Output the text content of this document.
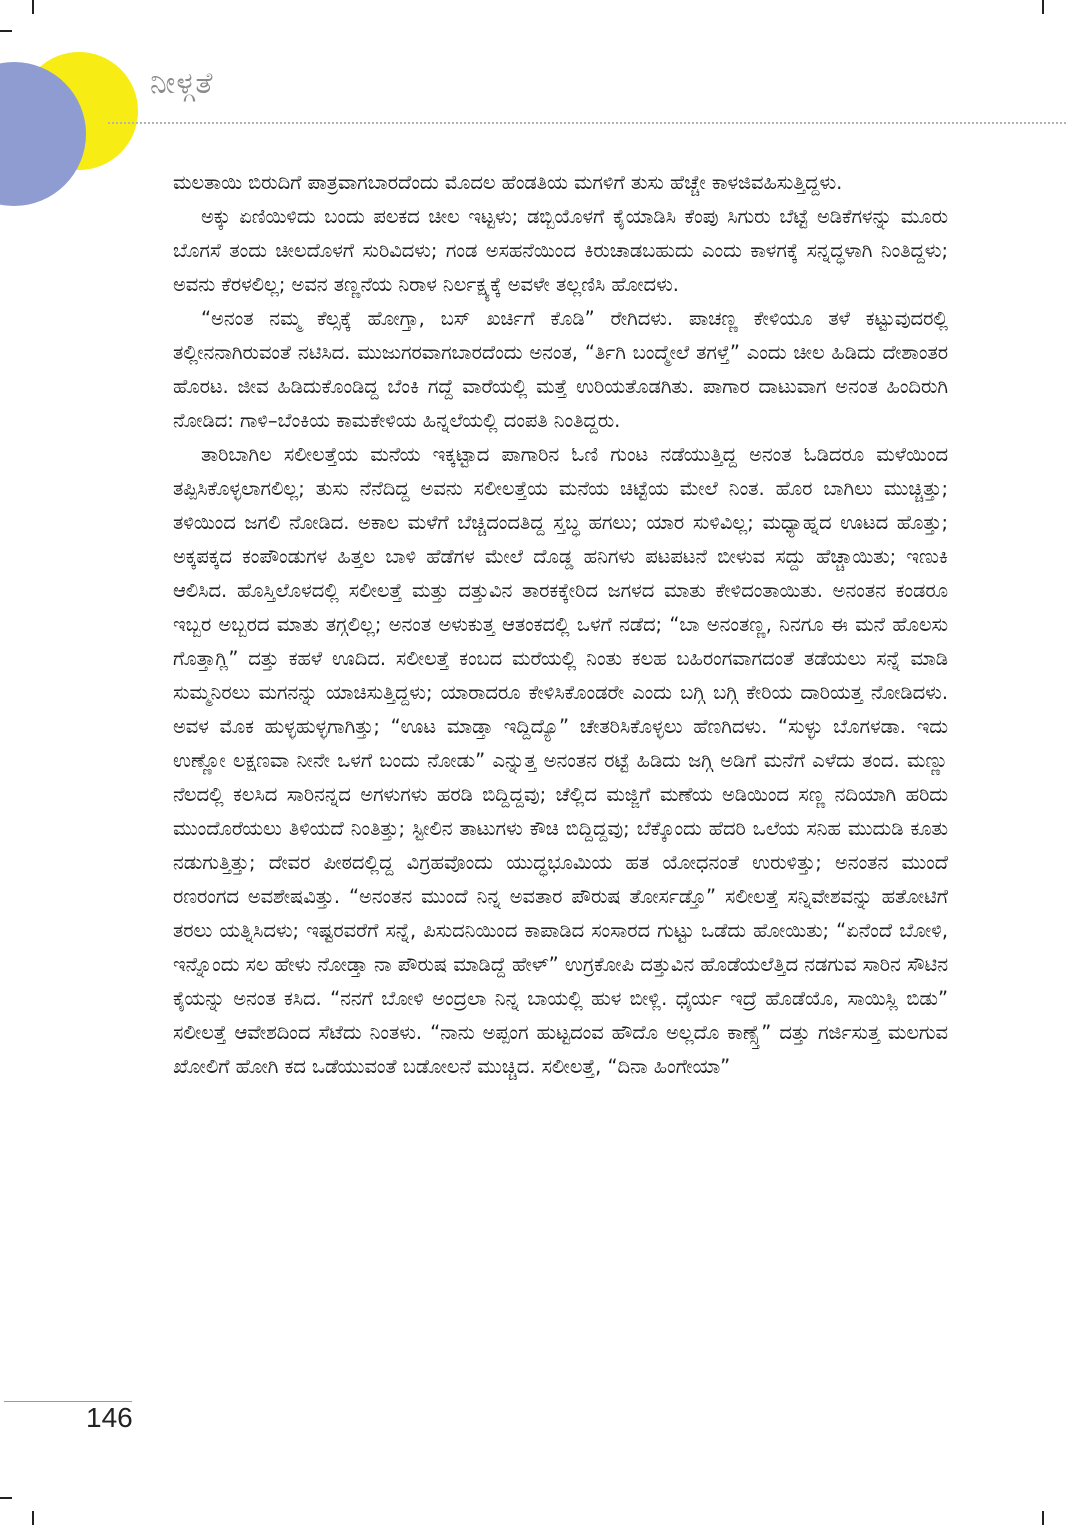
ನೀಳ್ಗತೆ

ಮಲತಾಯಿ ಬಿರುದಿಗೆ ಪಾತ್ರವಾಗಬಾರದೆಂದು ಮೊದಲ ಹೆಂಡತಿಯ ಮಗಳಿಗೆ ತುಸು ಹೆಚ್ಚೇ ಕಾಳಜಿವಹಿಸುತ್ತಿದ್ದಳು.

ಅಕ್ಕು ಏಣಿಯಿಳಿದು ಬಂದು ಪಲಕದ ಚೀಲ ಇಟ್ಟಳು; ಡಬ್ಬಿಯೊಳಗೆ ಕೈಯಾಡಿಸಿ ಕೆಂಪು ಸಿಗುರು ಬೆಟ್ಟೆ ಅಡಿಕೆಗಳನ್ನು ಮೂರು ಬೊಗಸೆ ತಂದು ಚೀಲದೊಳಗೆ ಸುರಿವಿದಳು; ಗಂಡ ಅಸಹನೆಯಿಂದ ಕಿರುಚಾಡಬಹುದು ಎಂದು ಕಾಳಗಕ್ಕೆ ಸನ್ನದ್ಧಳಾಗಿ ನಿಂತಿದ್ದಳು; ಅವನು ಕೆರಳಲಿಲ್ಲ; ಅವನ ತಣ್ಣನೆಯ ನಿರಾಳ ನಿರ್ಲಕ್ಷ್ಯಕ್ಕೆ ಅವಳೇ ತಲ್ಲಣಿಸಿ ಹೋದಳು.

“ಅನಂತ ನಮ್ಮ ಕೆಲ್ಸಕ್ಕೆ ಹೋಗ್ತಾ, ಬಸ್ ಖರ್ಚಿಗೆ ಕೊಡಿ” ರೇಗಿದಳು. ಪಾಚಣ್ಣ ಕೇಳಿಯೂ ತಳೆ ಕಟ್ಟುವುದರಲ್ಲಿ ತಲ್ಲೀನನಾಗಿರುವಂತೆ ನಟಿಸಿದ. ಮುಜುಗರವಾಗಬಾರದೆಂದು ಅನಂತ, “ರ್ತಿಗಿ ಬಂದ್ಮೇಲೆ ತಗಳ್ತೆ” ಎಂದು ಚೀಲ ಹಿಡಿದು ದೇಶಾಂತರ ಹೊರಟ. ಜೀವ ಹಿಡಿದುಕೊಂಡಿದ್ದ ಬೆಂಕಿ ಗದ್ದೆ ವಾರೆಯಲ್ಲಿ ಮತ್ತೆ ಉರಿಯತೊಡಗಿತು. ಪಾಗಾರ ದಾಟುವಾಗ ಅನಂತ ಹಿಂದಿರುಗಿ ನೋಡಿದ: ಗಾಳಿ–ಬೆಂಕಿಯ ಕಾಮಕೇಳಿಯ ಹಿನ್ನಲೆಯಲ್ಲಿ ದಂಪತಿ ನಿಂತಿದ್ದರು.

ತಾರಿಬಾಗಿಲ ಸಲೀಲತ್ತೆಯ ಮನೆಯ ಇಕ್ಕಟ್ಟಾದ ಪಾಗಾರಿನ ಓಣಿ ಗುಂಟ ನಡೆಯುತ್ತಿದ್ದ ಅನಂತ ಓಡಿದರೂ ಮಳೆಯಿಂದ ತಪ್ಪಿಸಿಕೊಳ್ಳಲಾಗಲಿಲ್ಲ; ತುಸು ನೆನೆದಿದ್ದ ಅವನು ಸಲೀಲತ್ತೆಯ ಮನೆಯ ಚಿಟ್ಟೆಯ ಮೇಲೆ ನಿಂತ. ಹೊರ ಬಾಗಿಲು ಮುಚ್ಚಿತ್ತು; ತಳಿಯಿಂದ ಜಗಲಿ ನೋಡಿದ. ಅಕಾಲ ಮಳೆಗೆ ಬೆಚ್ಚಿದಂದತಿದ್ದ ಸ್ತಬ್ಧ ಹಗಲು; ಯಾರ ಸುಳಿವಿಲ್ಲ; ಮಧ್ಯಾಹ್ನದ ಊಟದ ಹೊತ್ತು; ಅಕ್ಕಪಕ್ಕದ ಕಂಪೌಂಡುಗಳ ಹಿತ್ತಲ ಬಾಳಿ ಹೆಡೆಗಳ ಮೇಲೆ ದೊಡ್ಡ ಹನಿಗಳು ಪಟಪಟನೆ ಬೀಳುವ ಸದ್ದು ಹೆಚ್ಚಾಯಿತು; ಇಣುಕಿ ಆಲಿಸಿದ. ಹೊಸ್ತಿಲೊಳದಲ್ಲಿ ಸಲೀಲತ್ತೆ ಮತ್ತು ದತ್ತುವಿನ ತಾರಕಕ್ಕೇರಿದ ಜಗಳದ ಮಾತು ಕೇಳಿದಂತಾಯಿತು. ಅನಂತನ ಕಂಡರೂ ಇಬ್ಬರ ಅಬ್ಬರದ ಮಾತು ತಗ್ಗಲಿಲ್ಲ; ಅನಂತ ಅಳುಕುತ್ತ ಆತಂಕದಲ್ಲಿ ಒಳಗೆ ನಡೆದ; “ಬಾ ಅನಂತಣ್ಣ, ನಿನಗೂ ಈ ಮನೆ ಹೊಲಸು ಗೊತ್ತಾಗ್ಲಿ” ದತ್ತು ಕಹಳೆ ಊದಿದ. ಸಲೀಲತ್ತೆ ಕಂಬದ ಮರೆಯಲ್ಲಿ ನಿಂತು ಕಲಹ ಬಹಿರಂಗವಾಗದಂತೆ ತಡೆಯಲು ಸನ್ನೆ ಮಾಡಿ ಸುಮ್ಮನಿರಲು ಮಗನನ್ನು ಯಾಚಿಸುತ್ತಿದ್ದಳು; ಯಾರಾದರೂ ಕೇಳಿಸಿಕೊಂಡರೇ ಎಂದು ಬಗ್ಗಿ ಬಗ್ಗಿ ಕೇರಿಯ ದಾರಿಯತ್ತ ನೋಡಿದಳು. ಅವಳ ಮೊಕ ಹುಳ್ಳಹುಳ್ಳಗಾಗಿತ್ತು; “ಊಟ ಮಾಡ್ತಾ ಇದ್ದಿದ್ಯೊ” ಚೇತರಿಸಿಕೊಳ್ಳಲು ಹೆಣಗಿದಳು. “ಸುಳ್ಳು ಬೊಗಳಡಾ. ಇದು ಉಣ್ಣೋ ಲಕ್ಷಣವಾ ನೀನೇ ಒಳಗೆ ಬಂದು ನೋಡು” ಎನ್ನುತ್ತ ಅನಂತನ ರಟ್ಟೆ ಹಿಡಿದು ಜಗ್ಗಿ ಅಡಿಗೆ ಮನೆಗೆ ಎಳೆದು ತಂದ. ಮಣ್ಣು ನೆಲದಲ್ಲಿ ಕಲಸಿದ ಸಾರಿನನ್ನದ ಅಗಳುಗಳು ಹರಡಿ ಬಿದ್ದಿದ್ದವು; ಚೆಲ್ಲಿದ ಮಜ್ಜಿಗೆ ಮಣೆಯ ಅಡಿಯಿಂದ ಸಣ್ಣ ನದಿಯಾಗಿ ಹರಿದು ಮುಂದೊರೆಯಲು ತಿಳಿಯದೆ ನಿಂತಿತ್ತು; ಸ್ಟೀಲಿನ ತಾಟುಗಳು ಕೌಚಿ ಬಿದ್ದಿದ್ದವು; ಬೆಕ್ಕೊಂದು ಹೆದರಿ ಒಲೆಯ ಸನಿಹ ಮುದುಡಿ ಕೂತು ನಡುಗುತ್ತಿತ್ತು; ದೇವರ ಪೀಠದಲ್ಲಿದ್ದ ವಿಗ್ರಹವೊಂದು ಯುದ್ಧಭೂಮಿಯ ಹತ ಯೋಧನಂತೆ ಉರುಳಿತ್ತು; ಅನಂತನ ಮುಂದೆ ರಣರಂಗದ ಅವಶೇಷವಿತ್ತು. “ಅನಂತನ ಮುಂದೆ ನಿನ್ನ ಅವತಾರ ಪೌರುಷ ತೋರ್ಸಡ್ತೊ” ಸಲೀಲತ್ತೆ ಸನ್ನಿವೇಶವನ್ನು ಹತೋಟಿಗೆ ತರಲು ಯತ್ನಿಸಿದಳು; ಇಷ್ಟರವರೆಗೆ ಸನ್ನೆ, ಪಿಸುದನಿಯಿಂದ ಕಾಪಾಡಿದ ಸಂಸಾರದ ಗುಟ್ಟು ಒಡೆದು ಹೋಯಿತು; “ಏನೆಂದೆ ಬೋಳಿ, ಇನ್ನೊಂದು ಸಲ ಹೇಳು ನೋಡ್ತಾ ನಾ ಪೌರುಷ ಮಾಡಿದ್ದೆ ಹೇಳ್” ಉಗ್ರಕೋಪಿ ದತ್ತುವಿನ ಹೊಡೆಯಲೆತ್ತಿದ ನಡಗುವ ಸಾರಿನ ಸೌಟಿನ ಕೈಯನ್ನು ಅನಂತ ಕಸಿದ. “ನನಗೆ ಬೋಳಿ ಅಂದ್ರಲಾ ನಿನ್ನ ಬಾಯಲ್ಲಿ ಹುಳ ಬೀಳ್ಲಿ. ಧೈರ್ಯ ಇದ್ರೆ ಹೊಡೆಯೊ, ಸಾಯಿಸ್ಲಿ ಬಿಡು” ಸಲೀಲತ್ತೆ ಆವೇಶದಿಂದ ಸೆಟೆದು ನಿಂತಳು. “ನಾನು ಅಪ್ಪಂಗ ಹುಟ್ಟದಂವ ಹೌದೊ ಅಲ್ಲದೊ ಕಾಣ್ಸ್ತೆ” ದತ್ತು ಗರ್ಜಿಸುತ್ತ ಮಲಗುವ ಖೋಲಿಗೆ ಹೋಗಿ ಕದ ಒಡೆಯುವಂತೆ ಬಡೋಲನೆ ಮುಚ್ಚಿದ. ಸಲೀಲತ್ತೆ, “ದಿನಾ ಹಿಂಗೇಯಾ”

146
